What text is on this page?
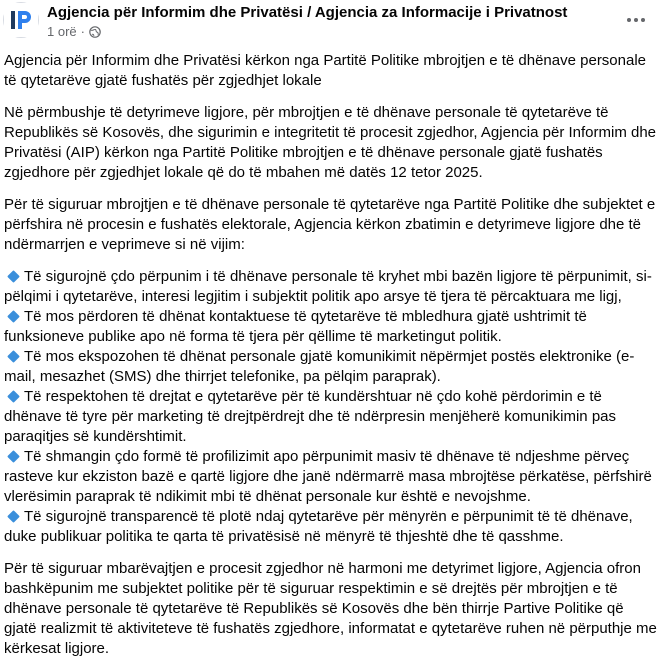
Agjencia për Informim dhe Privatësi / Agjencia za Informacije i Privatnost
1 orë ·

Agjencia për Informim dhe Privatësi kërkon nga Partitë Politike mbrojtjen e të dhënave personale të qytetarëve gjatë fushatës për zgjedhjet lokale

Në përmbushje të detyrimeve ligjore, për mbrojtjen e të dhënave personale të qytetarëve të Republikës së Kosovës, dhe sigurimin e integritetit të procesit zgjedhor, Agjencia për Informim dhe Privatësi (AIP) kërkon nga Partitë Politike mbrojtjen e të dhënave personale gjatë fushatës zgjedhore për zgjedhjet lokale që do të mbahen më datës 12 tetor 2025.

Për të siguruar mbrojtjen e të dhënave personale të qytetarëve nga Partitë Politike dhe subjektet e përfshira në procesin e fushatës elektorale, Agjencia kërkon zbatimin e detyrimeve ligjore dhe të ndërmarrjen e veprimeve si në vijim:

Të sigurojnë çdo përpunim i të dhënave personale të kryhet mbi bazën ligjore të përpunimit, si- pëlqimi i qytetarëve, interesi legjitim i subjektit politik apo arsye të tjera të përcaktuara me ligj,
Të mos përdoren të dhënat kontaktuese të qytetarëve të mbledhura gjatë ushtrimit të funksioneve publike apo në forma të tjera për qëllime të marketingut politik.
Të mos ekspozohen të dhënat personale gjatë komunikimit nëpërmjet postës elektronike (e-mail, mesazhet (SMS) dhe thirrjet telefonike, pa pëlqim paraprak).
Të respektohen të drejtat e qytetarëve për të kundërshtuar në çdo kohë përdorimin e të dhënave të tyre për marketing të drejtpërdrejt dhe të ndërpresin menjëherë komunikimin pas paraqitjes së kundërshtimit.
Të shmangin çdo formë të profilizimit apo përpunimit masiv të dhënave të ndjeshme përveç rasteve kur ekziston bazë e qartë ligjore dhe janë ndërmarrë masa mbrojtëse përkatëse, përfshirë vlerësimin paraprak të ndikimit mbi të dhënat personale kur është e nevojshme.
Të sigurojnë transparencë të plotë ndaj qytetarëve për mënyrën e përpunimit të të dhënave, duke publikuar politika te qarta të privatësisë në mënyrë të thjeshtë dhe të qasshme.

Për të siguruar mbarëvajtjen e procesit zgjedhor në harmoni me detyrimet ligjore, Agjencia ofron bashkëpunim me subjektet politike për të siguruar respektimin e së drejtës për mbrojtjen e të dhënave personale të qytetarëve të Republikës së Kosovës dhe bën thirrje Partive Politike që gjatë realizmit të aktiviteteve të fushatës zgjedhore, informatat e qytetarëve ruhen në përputhje me kërkesat ligjore.
